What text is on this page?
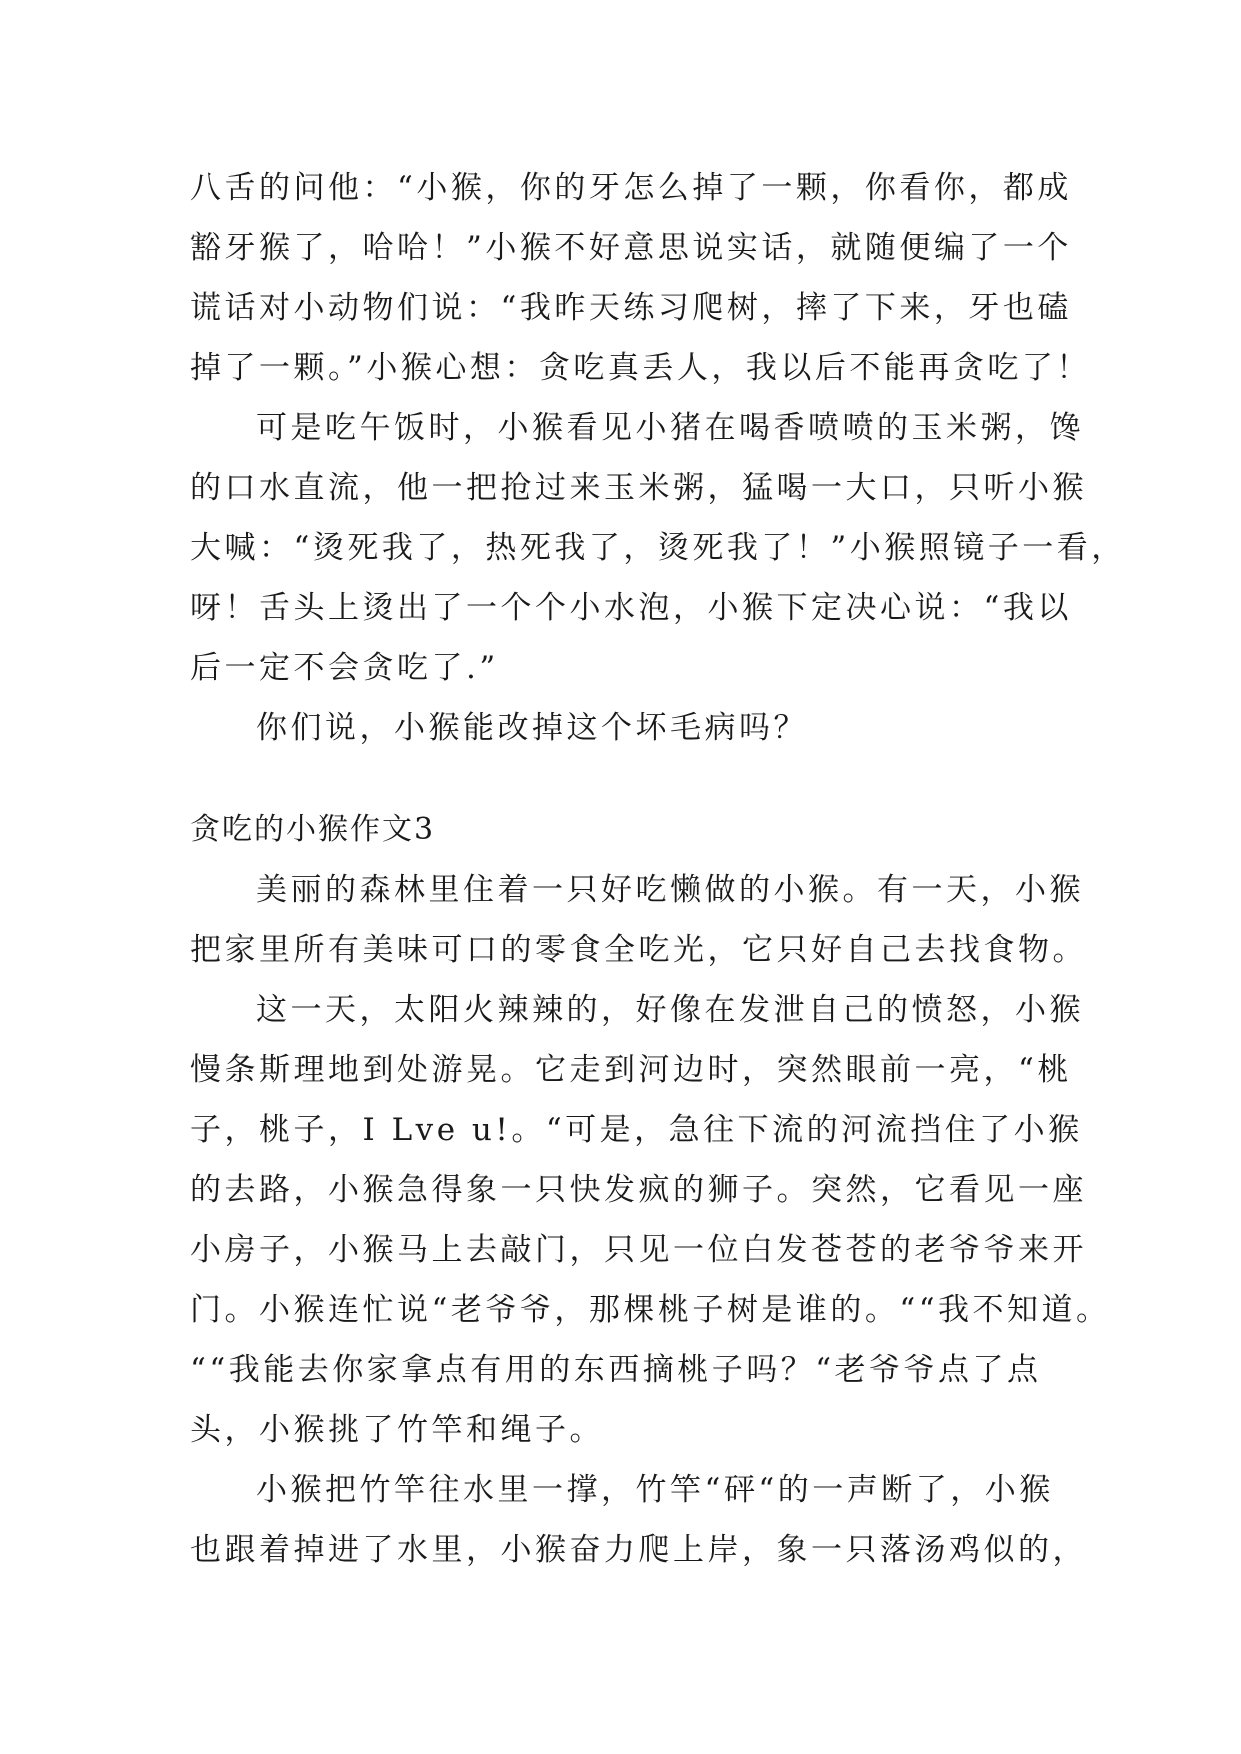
八舌的问他：“小猴，你的牙怎么掉了一颗，你看你，都成
豁牙猴了，哈哈！”小猴不好意思说实话，就随便编了一个
谎话对小动物们说：“我昨天练习爬树，摔了下来，牙也磕
掉了一颗。”小猴心想：贪吃真丢人，我以后不能再贪吃了！
可是吃午饭时，小猴看见小猪在喝香喷喷的玉米粥，馋
的口水直流，他一把抢过来玉米粥，猛喝一大口，只听小猴
大喊：“烫死我了，热死我了，烫死我了！”小猴照镜子一看，
呀！舌头上烫出了一个个小水泡，小猴下定决心说：“我以
后一定不会贪吃了.”
你们说，小猴能改掉这个坏毛病吗？
贪吃的小猴作文3
美丽的森林里住着一只好吃懒做的小猴。有一天，小猴
把家里所有美味可口的零食全吃光，它只好自己去找食物。
这一天，太阳火辣辣的，好像在发泄自己的愤怒，小猴
慢条斯理地到处游晃。它走到河边时，突然眼前一亮，“桃
子，桃子，I Lve u!。“可是，急往下流的河流挡住了小猴
的去路，小猴急得象一只快发疯的狮子。突然，它看见一座
小房子，小猴马上去敲门，只见一位白发苍苍的老爷爷来开
门。小猴连忙说“老爷爷，那棵桃子树是谁的。““我不知道。
““我能去你家拿点有用的东西摘桃子吗？“老爷爷点了点
头，小猴挑了竹竿和绳子。
小猴把竹竿往水里一撑，竹竿“砰“的一声断了，小猴
也跟着掉进了水里，小猴奋力爬上岸，象一只落汤鸡似的，
